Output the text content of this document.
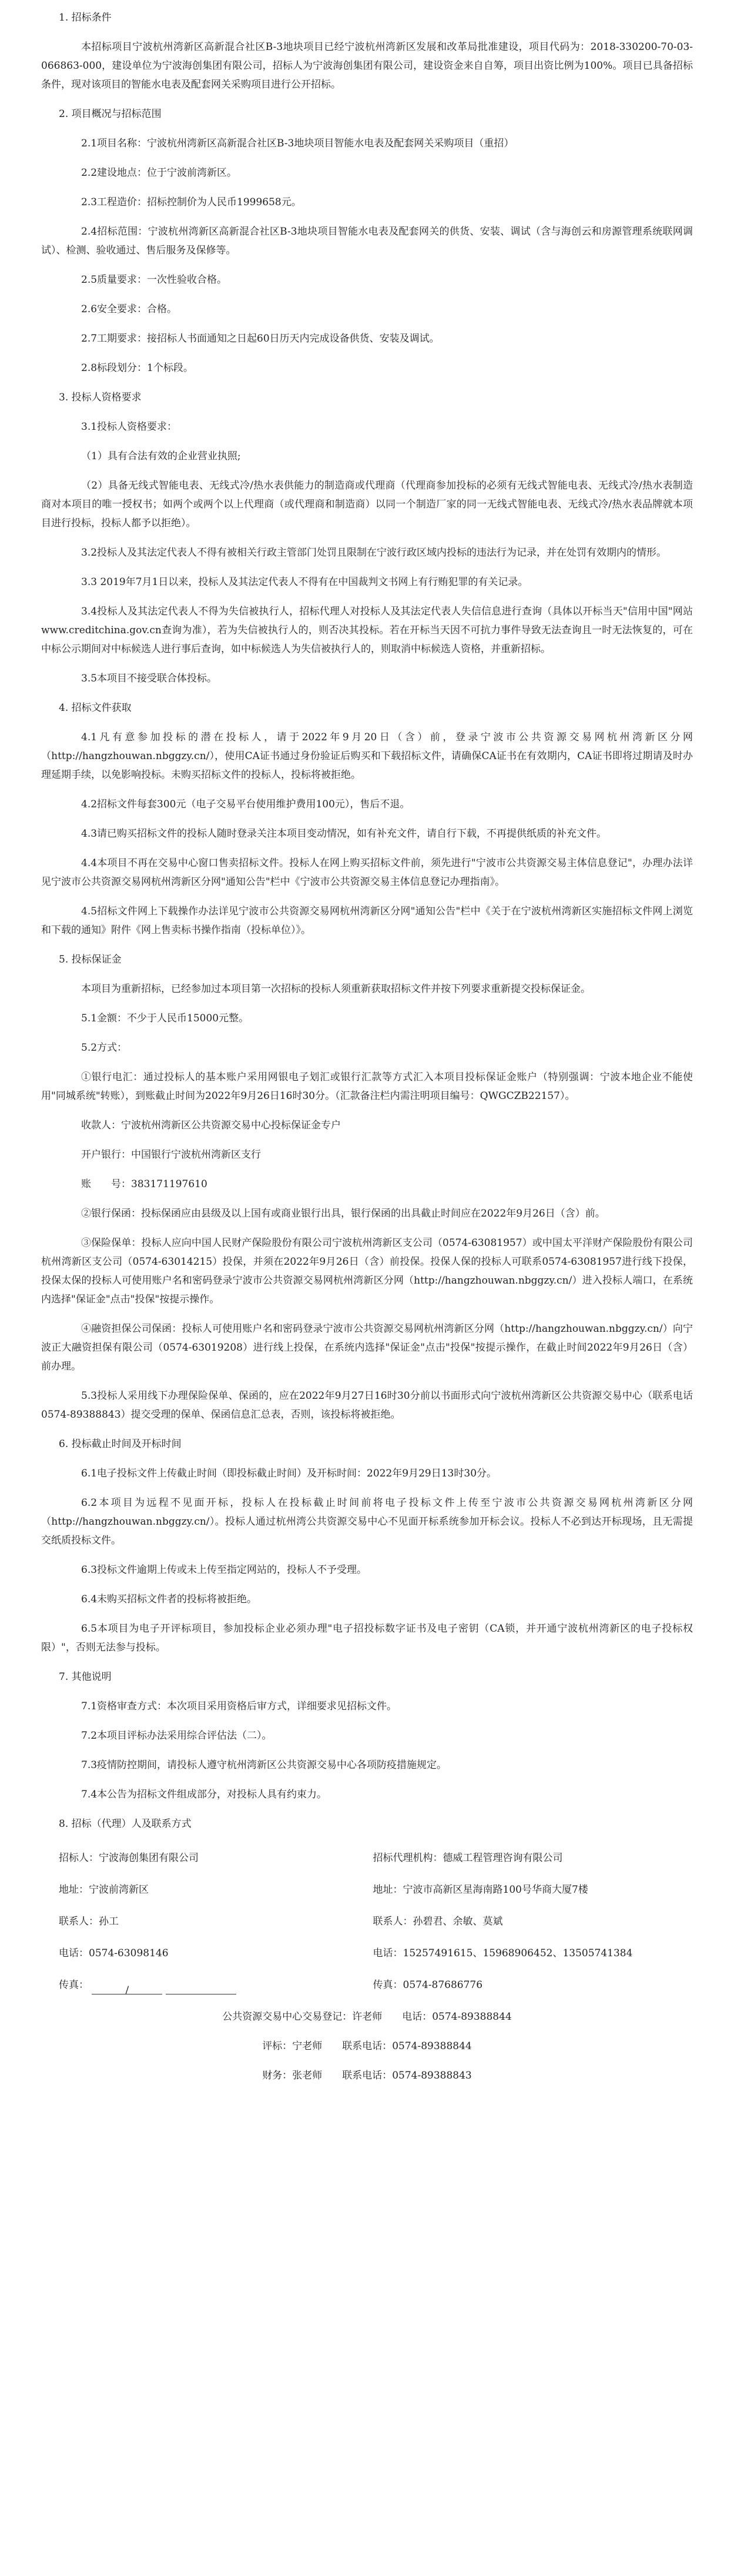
1. 招标条件
本招标项目宁波杭州湾新区高新混合社区B-3地块项目已经宁波杭州湾新区发展和改革局批准建设，项目代码为：2018-330200-70-03-066863-000，建设单位为宁波海创集团有限公司，招标人为宁波海创集团有限公司，建设资金来自自筹，项目出资比例为100%。项目已具备招标条件，现对该项目的智能水电表及配套网关采购项目进行公开招标。
2. 项目概况与招标范围
2.1项目名称：宁波杭州湾新区高新混合社区B-3地块项目智能水电表及配套网关采购项目（重招）
2.2建设地点：位于宁波前湾新区。
2.3工程造价：招标控制价为人民币1999658元。
2.4招标范围：宁波杭州湾新区高新混合社区B-3地块项目智能水电表及配套网关的供货、安装、调试（含与海创云和房源管理系统联网调试）、检测、验收通过、售后服务及保修等。
2.5质量要求：一次性验收合格。
2.6安全要求：合格。
2.7工期要求：接招标人书面通知之日起60日历天内完成设备供货、安装及调试。
2.8标段划分：1个标段。
3. 投标人资格要求
3.1投标人资格要求：
（1）具有合法有效的企业营业执照;
（2）具备无线式智能电表、无线式冷/热水表供能力的制造商或代理商（代理商参加投标的必须有无线式智能电表、无线式冷/热水表制造商对本项目的唯一授权书；如两个或两个以上代理商（或代理商和制造商）以同一个制造厂家的同一无线式智能电表、无线式冷/热水表品牌就本项目进行投标，投标人都予以拒绝）。
3.2投标人及其法定代表人不得有被相关行政主管部门处罚且限制在宁波行政区域内投标的违法行为记录，并在处罚有效期内的情形。
3.3 2019年7月1日以来，投标人及其法定代表人不得有在中国裁判文书网上有行贿犯罪的有关记录。
3.4投标人及其法定代表人不得为失信被执行人，招标代理人对投标人及其法定代表人失信信息进行查询（具体以开标当天"信用中国"网站www.creditchina.gov.cn查询为准），若为失信被执行人的，则否决其投标。若在开标当天因不可抗力事件导致无法查询且一时无法恢复的，可在中标公示期间对中标候选人进行事后查询，如中标候选人为失信被执行人的，则取消中标候选人资格，并重新招标。
3.5本项目不接受联合体投标。
4. 招标文件获取
4.1凡有意参加投标的潜在投标人，请于2022年9月20日（含）前，登录宁波市公共资源交易网杭州湾新区分网（http://hangzhouwan.nbggzy.cn/），使用CA证书通过身份验证后购买和下载招标文件，请确保CA证书在有效期内，CA证书即将过期请及时办理延期手续，以免影响投标。未购买招标文件的投标人，投标将被拒绝。
4.2招标文件每套300元（电子交易平台使用维护费用100元），售后不退。
4.3请已购买招标文件的投标人随时登录关注本项目变动情况，如有补充文件，请自行下载，不再提供纸质的补充文件。
4.4本项目不再在交易中心窗口售卖招标文件。投标人在网上购买招标文件前，须先进行"宁波市公共资源交易主体信息登记"，办理办法详见宁波市公共资源交易网杭州湾新区分网"通知公告"栏中《宁波市公共资源交易主体信息登记办理指南》。
4.5招标文件网上下载操作办法详见宁波市公共资源交易网杭州湾新区分网"通知公告"栏中《关于在宁波杭州湾新区实施招标文件网上浏览和下载的通知》附件《网上售卖标书操作指南（投标单位）》。
5. 投标保证金
本项目为重新招标，已经参加过本项目第一次招标的投标人须重新获取招标文件并按下列要求重新提交投标保证金。
5.1金额：不少于人民币15000元整。
5.2方式：
①银行电汇：通过投标人的基本账户采用网银电子划汇或银行汇款等方式汇入本项目投标保证金账户（特别强调：宁波本地企业不能使用"同城系统"转账），到账截止时间为2022年9月26日16时30分。（汇款备注栏内需注明项目编号：QWGCZB22157）。
收款人：宁波杭州湾新区公共资源交易中心投标保证金专户
开户银行：中国银行宁波杭州湾新区支行
账　　号：383171197610
②银行保函：投标保函应由县级及以上国有或商业银行出具，银行保函的出具截止时间应在2022年9月26日（含）前。
③保险保单：投标人应向中国人民财产保险股份有限公司宁波杭州湾新区支公司（0574-63081957）或中国太平洋财产保险股份有限公司杭州湾新区支公司（0574-63014215）投保，并须在2022年9月26日（含）前投保。投保人保的投标人可联系0574-63081957进行线下投保，投保太保的投标人可使用账户名和密码登录宁波市公共资源交易网杭州湾新区分网（http://hangzhouwan.nbggzy.cn/）进入投标人端口，在系统内选择"保证金"点击"投保"按提示操作。
④融资担保公司保函：投标人可使用账户名和密码登录宁波市公共资源交易网杭州湾新区分网（http://hangzhouwan.nbggzy.cn/）向宁波正大融资担保有限公司（0574-63019208）进行线上投保，在系统内选择"保证金"点击"投保"按提示操作，在截止时间2022年9月26日（含）前办理。
5.3投标人采用线下办理保险保单、保函的，应在2022年9月27日16时30分前以书面形式向宁波杭州湾新区公共资源交易中心（联系电话0574-89388843）提交受理的保单、保函信息汇总表，否则，该投标将被拒绝。
6. 投标截止时间及开标时间
6.1电子投标文件上传截止时间（即投标截止时间）及开标时间：2022年9月29日13时30分。
6.2本项目为远程不见面开标，投标人在投标截止时间前将电子投标文件上传至宁波市公共资源交易网杭州湾新区分网（http://hangzhouwan.nbggzy.cn/）。投标人通过杭州湾公共资源交易中心不见面开标系统参加开标会议。投标人不必到达开标现场，且无需提交纸质投标文件。
6.3投标文件逾期上传或未上传至指定网站的，投标人不予受理。
6.4未购买招标文件者的投标将被拒绝。
6.5本项目为电子开评标项目，参加投标企业必须办理"电子招投标数字证书及电子密钥（CA锁，并开通宁波杭州湾新区的电子投标权限）"，否则无法参与投标。
7. 其他说明
7.1资格审查方式：本次项目采用资格后审方式，详细要求见招标文件。
7.2本项目评标办法采用综合评估法（二）。
7.3疫情防控期间，请投标人遵守杭州湾新区公共资源交易中心各项防疫措施规定。
7.4本公告为招标文件组成部分，对投标人具有约束力。
8. 招标（代理）人及联系方式
招标人：宁波海创集团有限公司	招标代理机构：德威工程管理咨询有限公司
地址：宁波前湾新区	地址：宁波市高新区星海南路100号华商大厦7楼
联系人：孙工	联系人：孙碧君、余敏、莫斌
电话：0574-63098146	电话：15257491615、15968906452、13505741384
传真：	/	传真：0574-87686776
公共资源交易中心交易登记：许老师　　电话：0574-89388844
评标：宁老师　　联系电话：0574-89388844
财务：张老师　　联系电话：0574-89388843
